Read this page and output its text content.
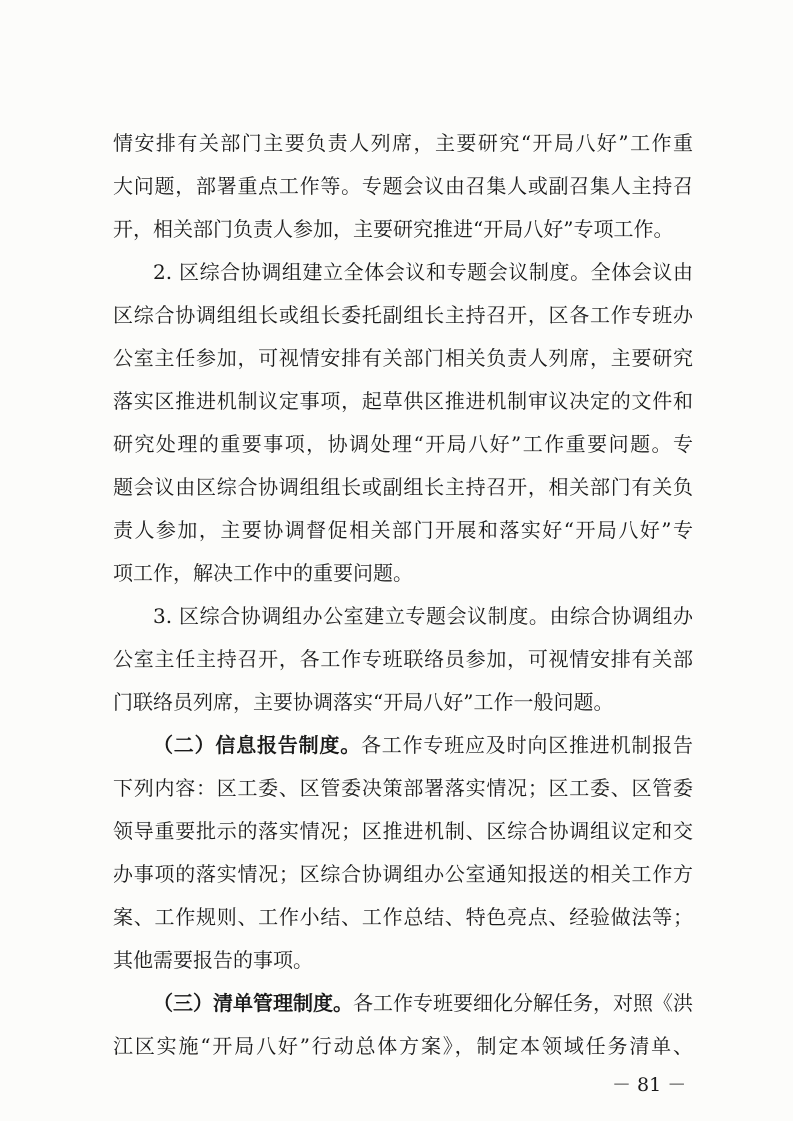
情安排有关部门主要负责人列席，主要研究“开局八好”工作重
大问题，部署重点工作等。专题会议由召集人或副召集人主持召
开，相关部门负责人参加，主要研究推进“开局八好”专项工作。
2. 区综合协调组建立全体会议和专题会议制度。全体会议由
区综合协调组组长或组长委托副组长主持召开，区各工作专班办
公室主任参加，可视情安排有关部门相关负责人列席，主要研究
落实区推进机制议定事项，起草供区推进机制审议决定的文件和
研究处理的重要事项，协调处理“开局八好”工作重要问题。专
题会议由区综合协调组组长或副组长主持召开，相关部门有关负
责人参加，主要协调督促相关部门开展和落实好“开局八好”专
项工作，解决工作中的重要问题。
3. 区综合协调组办公室建立专题会议制度。由综合协调组办
公室主任主持召开，各工作专班联络员参加，可视情安排有关部
门联络员列席，主要协调落实“开局八好”工作一般问题。
（二）信息报告制度。各工作专班应及时向区推进机制报告
下列内容：区工委、区管委决策部署落实情况；区工委、区管委
领导重要批示的落实情况；区推进机制、区综合协调组议定和交
办事项的落实情况；区综合协调组办公室通知报送的相关工作方
案、工作规则、工作小结、工作总结、特色亮点、经验做法等；
其他需要报告的事项。
（三）清单管理制度。各工作专班要细化分解任务，对照《洪
江区实施“开局八好”行动总体方案》，制定本领域任务清单、
－ 81 －
